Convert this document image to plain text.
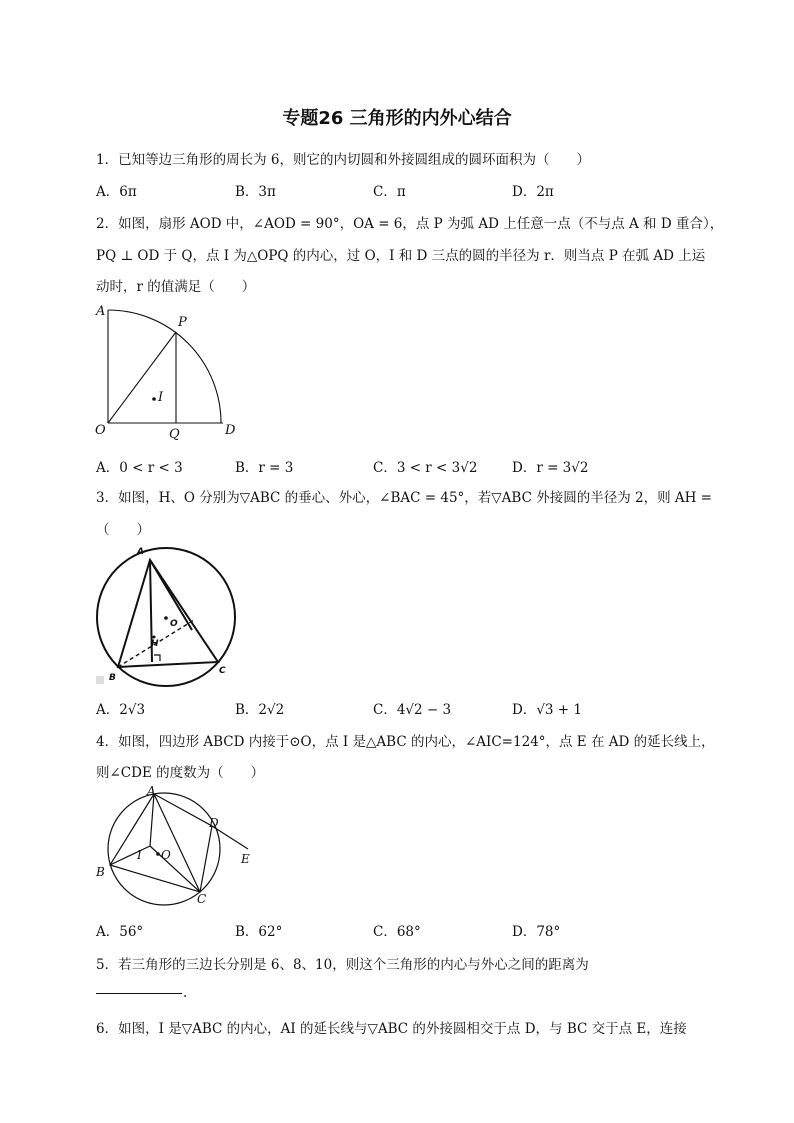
专题26 三角形的内外心结合
1．已知等边三角形的周长为 6，则它的内切圆和外接圆组成的圆环面积为（　　）
A．6π	B．3π	C．π	D．2π
2．如图，扇形 AOD 中，∠AOD = 90°，OA = 6，点 P 为弧 AD 上任意一点（不与点 A 和 D 重合），
PQ ⊥ OD 于 Q，点 I 为△OPQ 的内心，过 O，I 和 D 三点的圆的半径为 r．则当点 P 在弧 AD 上运
动时，r 的值满足（　　）
A
P
I
O	Q	D
A．0 < r < 3	B．r = 3	C．3 < r < 3√2	D．r = 3√2
3．如图，H、O 分别为▽ABC 的垂心、外心，∠BAC = 45°，若▽ABC 外接圆的半径为 2，则 AH =
（　　）
A
B
C
O
H
A．2√3	B．2√2	C．4√2 − 3	D．√3 + 1
4．如图，四边形 ABCD 内接于⊙O，点 I 是△ABC 的内心，∠AIC=124°，点 E 在 AD 的延长线上，
则∠CDE 的度数为（　　）
A
B
C
D
E
I O
A．56°	B．62°	C．68°	D．78°
5．若三角形的三边长分别是 6、8、10，则这个三角形的内心与外心之间的距离为
.
6．如图，I 是▽ABC 的内心，AI 的延长线与▽ABC 的外接圆相交于点 D，与 BC 交于点 E，连接
